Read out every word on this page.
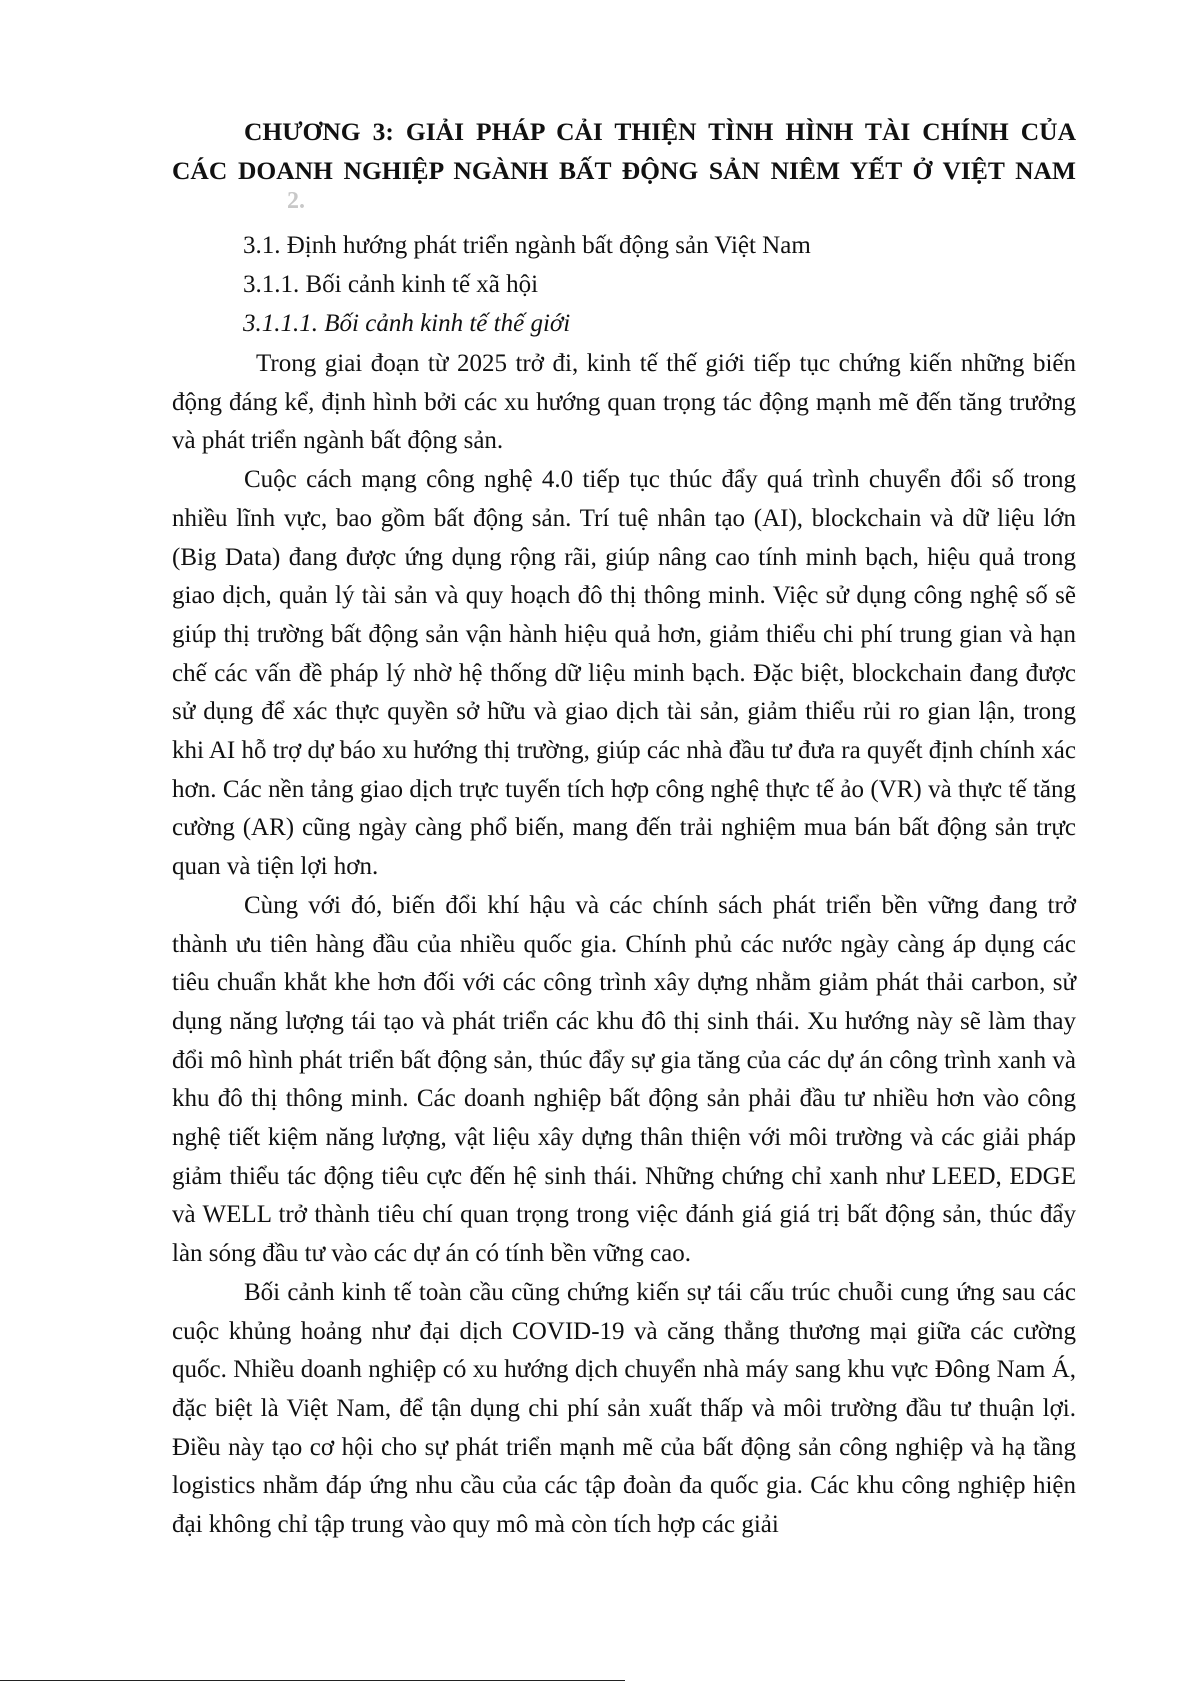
CHƯƠNG 3: GIẢI PHÁP CẢI THIỆN TÌNH HÌNH TÀI CHÍNH CỦA
CÁC DOANH NGHIỆP NGÀNH BẤT ĐỘNG SẢN NIÊM YẾT Ở VIỆT NAM
2.
3.1. Định hướng phát triển ngành bất động sản Việt Nam
3.1.1. Bối cảnh kinh tế xã hội
3.1.1.1. Bối cảnh kinh tế thế giới

Trong giai đoạn từ 2025 trở đi, kinh tế thế giới tiếp tục chứng kiến những biến động đáng kể, định hình bởi các xu hướng quan trọng tác động mạnh mẽ đến tăng trưởng và phát triển ngành bất động sản.

Cuộc cách mạng công nghệ 4.0 tiếp tục thúc đẩy quá trình chuyển đổi số trong nhiều lĩnh vực, bao gồm bất động sản. Trí tuệ nhân tạo (AI), blockchain và dữ liệu lớn (Big Data) đang được ứng dụng rộng rãi, giúp nâng cao tính minh bạch, hiệu quả trong giao dịch, quản lý tài sản và quy hoạch đô thị thông minh. Việc sử dụng công nghệ số sẽ giúp thị trường bất động sản vận hành hiệu quả hơn, giảm thiểu chi phí trung gian và hạn chế các vấn đề pháp lý nhờ hệ thống dữ liệu minh bạch. Đặc biệt, blockchain đang được sử dụng để xác thực quyền sở hữu và giao dịch tài sản, giảm thiểu rủi ro gian lận, trong khi AI hỗ trợ dự báo xu hướng thị trường, giúp các nhà đầu tư đưa ra quyết định chính xác hơn. Các nền tảng giao dịch trực tuyến tích hợp công nghệ thực tế ảo (VR) và thực tế tăng cường (AR) cũng ngày càng phổ biến, mang đến trải nghiệm mua bán bất động sản trực quan và tiện lợi hơn.

Cùng với đó, biến đổi khí hậu và các chính sách phát triển bền vững đang trở thành ưu tiên hàng đầu của nhiều quốc gia. Chính phủ các nước ngày càng áp dụng các tiêu chuẩn khắt khe hơn đối với các công trình xây dựng nhằm giảm phát thải carbon, sử dụng năng lượng tái tạo và phát triển các khu đô thị sinh thái. Xu hướng này sẽ làm thay đổi mô hình phát triển bất động sản, thúc đẩy sự gia tăng của các dự án công trình xanh và khu đô thị thông minh. Các doanh nghiệp bất động sản phải đầu tư nhiều hơn vào công nghệ tiết kiệm năng lượng, vật liệu xây dựng thân thiện với môi trường và các giải pháp giảm thiểu tác động tiêu cực đến hệ sinh thái. Những chứng chỉ xanh như LEED, EDGE và WELL trở thành tiêu chí quan trọng trong việc đánh giá giá trị bất động sản, thúc đẩy làn sóng đầu tư vào các dự án có tính bền vững cao.

Bối cảnh kinh tế toàn cầu cũng chứng kiến sự tái cấu trúc chuỗi cung ứng sau các cuộc khủng hoảng như đại dịch COVID-19 và căng thẳng thương mại giữa các cường quốc. Nhiều doanh nghiệp có xu hướng dịch chuyển nhà máy sang khu vực Đông Nam Á, đặc biệt là Việt Nam, để tận dụng chi phí sản xuất thấp và môi trường đầu tư thuận lợi. Điều này tạo cơ hội cho sự phát triển mạnh mẽ của bất động sản công nghiệp và hạ tầng logistics nhằm đáp ứng nhu cầu của các tập đoàn đa quốc gia. Các khu công nghiệp hiện đại không chỉ tập trung vào quy mô mà còn tích hợp các giải
